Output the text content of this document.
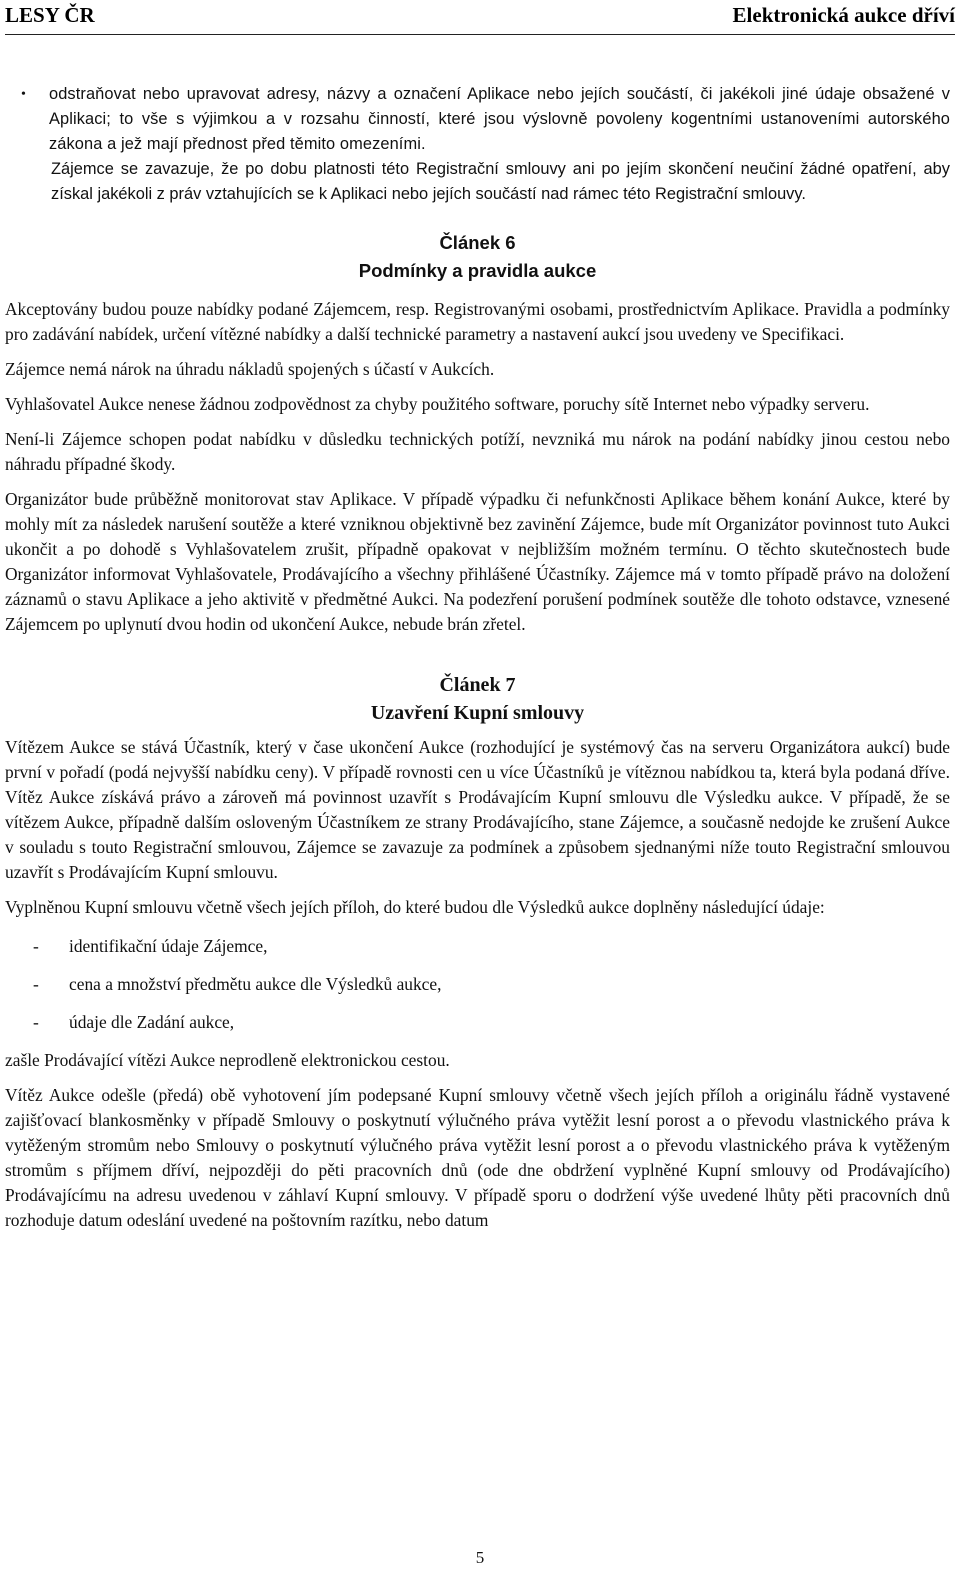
LESY ČR	Elektronická aukce dříví
•	odstraňovat nebo upravovat adresy, názvy a označení Aplikace nebo jejích součástí, či jakékoli jiné údaje obsažené v Aplikaci; to vše s výjimkou a v rozsahu činností, které jsou výslovně povoleny kogentními ustanoveními autorského zákona a jež mají přednost před těmito omezeními.

Zájemce se zavazuje, že po dobu platnosti této Registrační smlouvy ani po jejím skončení neučiní žádné opatření, aby získal jakékoli z práv vztahujících se k Aplikaci nebo jejích součástí nad rámec této Registrační smlouvy.

Článek 6
Podmínky a pravidla aukce

Akceptovány budou pouze nabídky podané Zájemcem, resp. Registrovanými osobami, prostřednictvím Aplikace. Pravidla a podmínky pro zadávání nabídek, určení vítězné nabídky a další technické parametry a nastavení aukcí jsou uvedeny ve Specifikaci.

Zájemce nemá nárok na úhradu nákladů spojených s účastí v Aukcích.

Vyhlašovatel Aukce nenese žádnou zodpovědnost za chyby použitého software, poruchy sítě Internet nebo výpadky serveru.

Není-li Zájemce schopen podat nabídku v důsledku technických potíží, nevzniká mu nárok na podání nabídky jinou cestou nebo náhradu případné škody.

Organizátor bude průběžně monitorovat stav Aplikace. V případě výpadku či nefunkčnosti Aplikace během konání Aukce, které by mohly mít za následek narušení soutěže a které vzniknou objektivně bez zavinění Zájemce, bude mít Organizátor povinnost tuto Aukci ukončit a po dohodě s Vyhlašovatelem zrušit, případně opakovat v nejbližším možném termínu. O těchto skutečnostech bude Organizátor informovat Vyhlašovatele, Prodávajícího a všechny přihlášené Účastníky. Zájemce má v tomto případě právo na doložení záznamů o stavu Aplikace a jeho aktivitě v předmětné Aukci. Na podezření porušení podmínek soutěže dle tohoto odstavce, vznesené Zájemcem po uplynutí dvou hodin od ukončení Aukce, nebude brán zřetel.

Článek 7
Uzavření Kupní smlouvy

Vítězem Aukce se stává Účastník, který v čase ukončení Aukce (rozhodující je systémový čas na serveru Organizátora aukcí) bude první v pořadí (podá nejvyšší nabídku ceny). V případě rovnosti cen u více Účastníků je vítěznou nabídkou ta, která byla podaná dříve. Vítěz Aukce získává právo a zároveň má povinnost uzavřít s Prodávajícím Kupní smlouvu dle Výsledku aukce. V případě, že se vítězem Aukce, případně dalším osloveným Účastníkem ze strany Prodávajícího, stane Zájemce, a současně nedojde ke zrušení Aukce v souladu s touto Registrační smlouvou, Zájemce se zavazuje za podmínek a způsobem sjednanými níže touto Registrační smlouvou uzavřít s Prodávajícím Kupní smlouvu.

Vyplněnou Kupní smlouvu včetně všech jejích příloh, do které budou dle Výsledků aukce doplněny následující údaje:

-	identifikační údaje Zájemce,
-	cena a množství předmětu aukce dle Výsledků aukce,
-	údaje dle Zadání aukce,

zašle Prodávající vítězi Aukce neprodleně elektronickou cestou.

Vítěz Aukce odešle (předá) obě vyhotovení jím podepsané Kupní smlouvy včetně všech jejích příloh a originálu řádně vystavené zajišťovací blankosměnky v případě Smlouvy o poskytnutí výlučného práva vytěžit lesní porost a o převodu vlastnického práva k vytěženým stromům nebo Smlouvy o poskytnutí výlučného práva vytěžit lesní porost a o převodu vlastnického práva k vytěženým stromům s příjmem dříví, nejpozději do pěti pracovních dnů (ode dne obdržení vyplněné Kupní smlouvy od Prodávajícího) Prodávajícímu na adresu uvedenou v záhlaví Kupní smlouvy. V případě sporu o dodržení výše uvedené lhůty pěti pracovních dnů rozhoduje datum odeslání uvedené na poštovním razítku, nebo datum

5
